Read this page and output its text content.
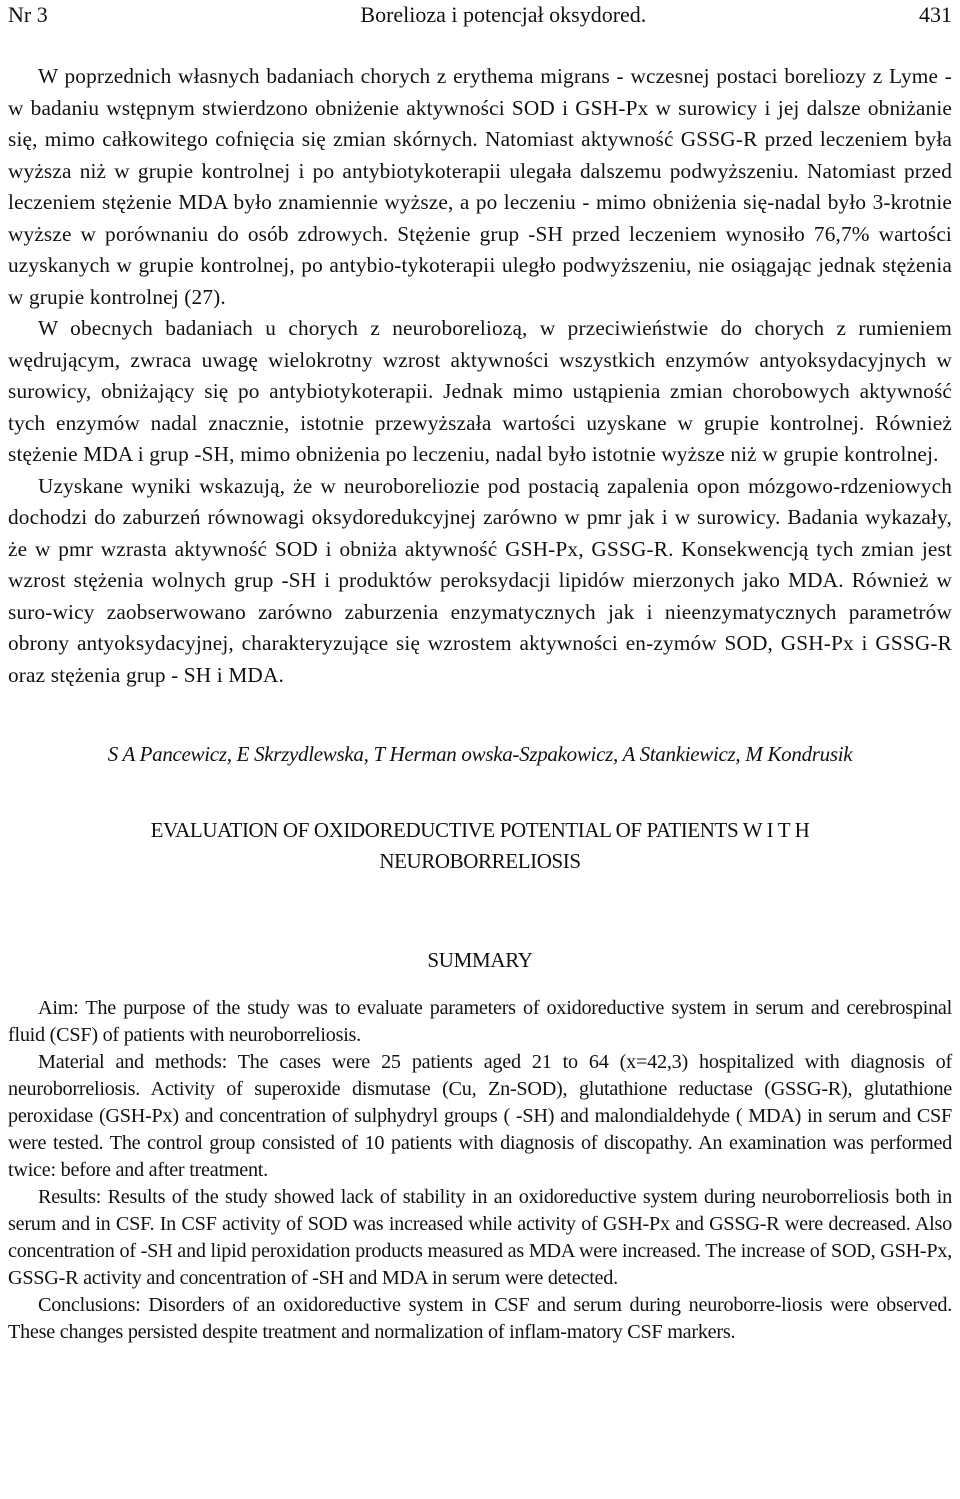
Nr 3	Borelioza i potencjał oksydored.	431

W poprzednich własnych badaniach chorych z erythema migrans - wczesnej postaci boreliozy z Lyme - w badaniu wstępnym stwierdzono obniżenie aktywności SOD i GSH-Px w surowicy i jej dalsze obniżanie się, mimo całkowitego cofnięcia się zmian skórnych. Natomiast aktywność GSSG-R przed leczeniem była wyższa niż w grupie kontrolnej i po antybiotykoterapii ulegała dalszemu podwyższeniu. Natomiast przed leczeniem stężenie MDA było znamiennie wyższe, a po leczeniu - mimo obniżenia się-nadal było 3-krotnie wyższe w porównaniu do osób zdrowych. Stężenie grup -SH przed leczeniem wynosiło 76,7% wartości uzyskanych w grupie kontrolnej, po antybio-tykoterapii uległo podwyższeniu, nie osiągając jednak stężenia w grupie kontrolnej (27).

W obecnych badaniach u chorych z neuroboreliozą, w przeciwieństwie do chorych z rumieniem wędrującym, zwraca uwagę wielokrotny wzrost aktywności wszystkich enzymów antyoksydacyjnych w surowicy, obniżający się po antybiotykoterapii. Jednak mimo ustąpienia zmian chorobowych aktywność tych enzymów nadal znacznie, istotnie przewyższała wartości uzyskane w grupie kontrolnej. Również stężenie MDA i grup -SH, mimo obniżenia po leczeniu, nadal było istotnie wyższe niż w grupie kontrolnej.

Uzyskane wyniki wskazują, że w neuroboreliozie pod postacią zapalenia opon mózgowo-rdzeniowych dochodzi do zaburzeń równowagi oksydoredukcyjnej zarówno w pmr jak i w surowicy. Badania wykazały, że w pmr wzrasta aktywność SOD i obniża aktywność GSH-Px, GSSG-R. Konsekwencją tych zmian jest wzrost stężenia wolnych grup -SH i produktów peroksydacji lipidów mierzonych jako MDA. Również w suro-wicy zaobserwowano zarówno zaburzenia enzymatycznych jak i nieenzymatycznych parametrów obrony antyoksydacyjnej, charakteryzujące się wzrostem aktywności en-zymów SOD, GSH-Px i GSSG-R oraz stężenia grup - SH i MDA.

S A Pancewicz, E Skrzydlewska, T Herman owska-Szpakowicz, A Stankiewicz, M Kondrusik
EVALUATION OF OXIDOREDUCTIVE POTENTIAL OF PATIENTS W I T H
NEUROBORRELIOSIS
SUMMARY

Aim: The purpose of the study was to evaluate parameters of oxidoreductive system in serum and cerebrospinal fluid (CSF) of patients with neuroborreliosis.

Material and methods: The cases were 25 patients aged 21 to 64 (x=42,3) hospitalized with diagnosis of neuroborreliosis. Activity of superoxide dismutase (Cu, Zn-SOD), glutathione reductase (GSSG-R), glutathione peroxidase (GSH-Px) and concentration of sulphydryl groups ( -SH) and malondialdehyde ( MDA) in serum and CSF were tested. The control group consisted of 10 patients with diagnosis of discopathy. An examination was performed twice: before and after treatment.

Results: Results of the study showed lack of stability in an oxidoreductive system during neuroborreliosis both in serum and in CSF. In CSF activity of SOD was increased while activity of GSH-Px and GSSG-R were decreased. Also concentration of -SH and lipid peroxidation products measured as MDA were increased. The increase of SOD, GSH-Px, GSSG-R activity and concentration of -SH and MDA in serum were detected.

Conclusions: Disorders of an oxidoreductive system in CSF and serum during neuroborre-liosis were observed. These changes persisted despite treatment and normalization of inflam-matory CSF markers.
